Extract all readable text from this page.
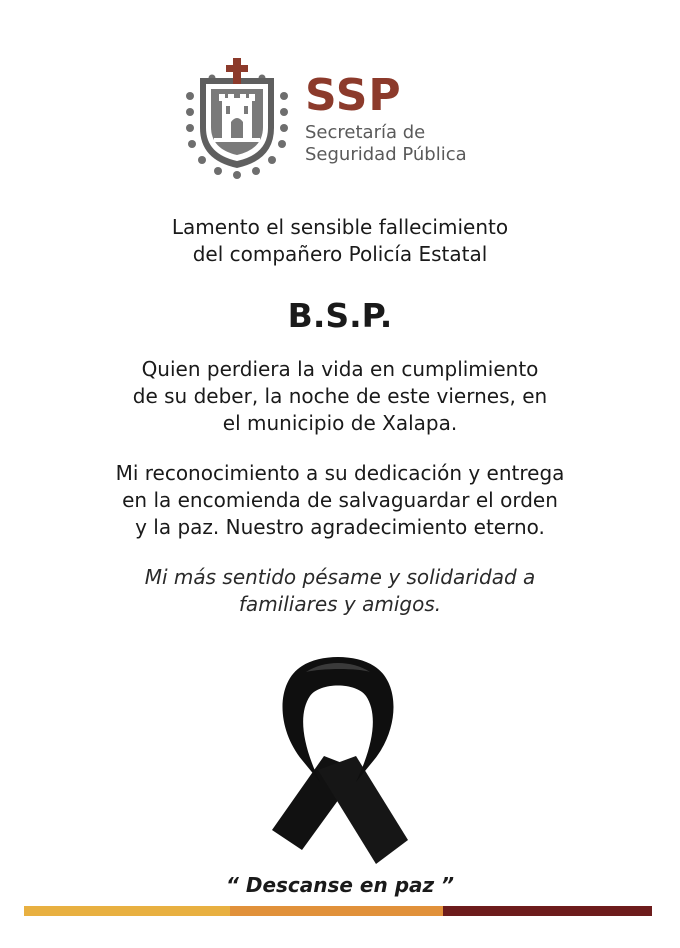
SSP
Secretaría de
Seguridad Pública

Lamento el sensible fallecimiento

del compañero Policía Estatal

B.S.P.

Quien perdiera la vida en cumplimiento

de su deber, la noche de este viernes, en

el municipio de Xalapa.

Mi reconocimiento a su dedicación y entrega

en la encomienda de salvaguardar el orden

y la paz. Nuestro agradecimiento eterno.

Mi más sentido pésame y solidaridad a

familiares y amigos.

“ Descanse en paz ”
